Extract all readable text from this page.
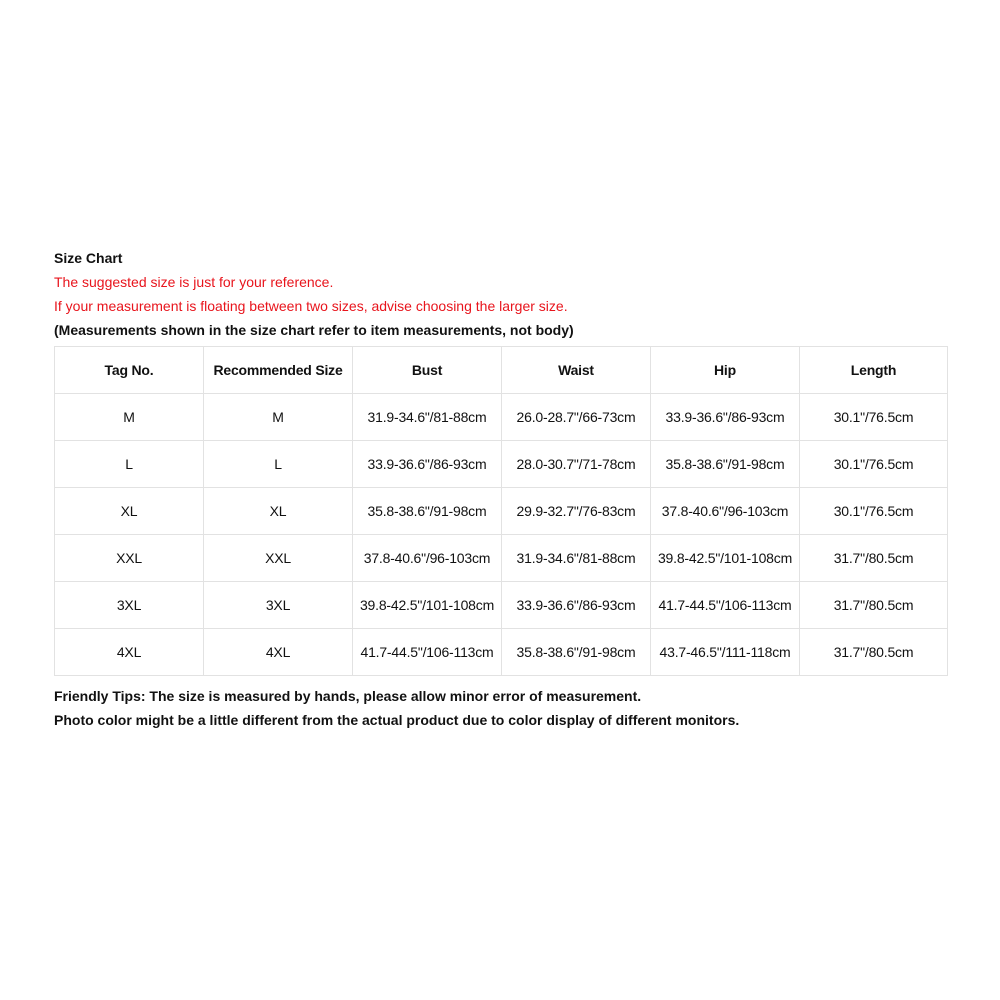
Size Chart
The suggested size is just for your reference.
If your measurement is floating between two sizes, advise choosing the larger size.
(Measurements shown in the size chart refer to item measurements, not body)
Tag No.	Recommended Size	Bust	Waist	Hip	Length
M	M	31.9-34.6"/81-88cm	26.0-28.7"/66-73cm	33.9-36.6"/86-93cm	30.1"/76.5cm
L	L	33.9-36.6"/86-93cm	28.0-30.7"/71-78cm	35.8-38.6"/91-98cm	30.1"/76.5cm
XL	XL	35.8-38.6"/91-98cm	29.9-32.7"/76-83cm	37.8-40.6"/96-103cm	30.1"/76.5cm
XXL	XXL	37.8-40.6"/96-103cm	31.9-34.6"/81-88cm	39.8-42.5"/101-108cm	31.7"/80.5cm
3XL	3XL	39.8-42.5"/101-108cm	33.9-36.6"/86-93cm	41.7-44.5"/106-113cm	31.7"/80.5cm
4XL	4XL	41.7-44.5"/106-113cm	35.8-38.6"/91-98cm	43.7-46.5"/111-118cm	31.7"/80.5cm
Friendly Tips: The size is measured by hands, please allow minor error of measurement.
Photo color might be a little different from the actual product due to color display of different monitors.
